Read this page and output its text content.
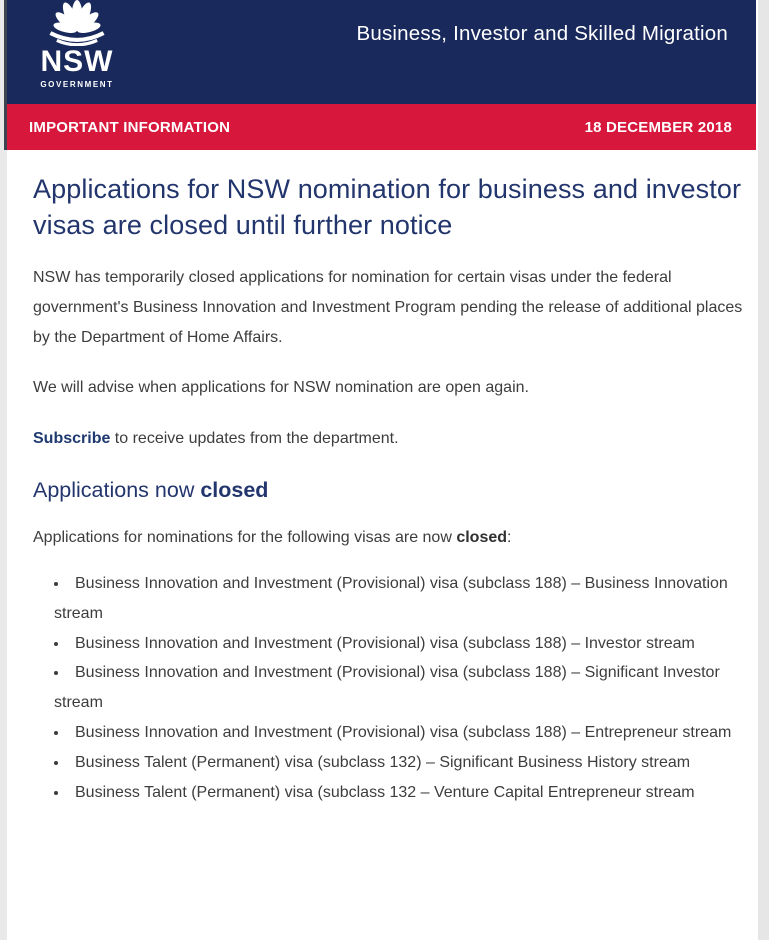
NSW
GOVERNMENT
Business, Investor and Skilled Migration
IMPORTANT INFORMATION	18 DECEMBER 2018
Applications for NSW nomination for business and investor visas are closed until further notice

NSW has temporarily closed applications for nomination for certain visas under the federal government's Business Innovation and Investment Program pending the release of additional places by the Department of Home Affairs.

We will advise when applications for NSW nomination are open again.

Subscribe to receive updates from the department.

Applications now closed

Applications for nominations for the following visas are now closed:

• Business Innovation and Investment (Provisional) visa (subclass 188) – Business Innovation stream
• Business Innovation and Investment (Provisional) visa (subclass 188) – Investor stream
• Business Innovation and Investment (Provisional) visa (subclass 188) – Significant Investor stream
• Business Innovation and Investment (Provisional) visa (subclass 188) – Entrepreneur stream
• Business Talent (Permanent) visa (subclass 132) – Significant Business History stream
• Business Talent (Permanent) visa (subclass 132 – Venture Capital Entrepreneur stream
